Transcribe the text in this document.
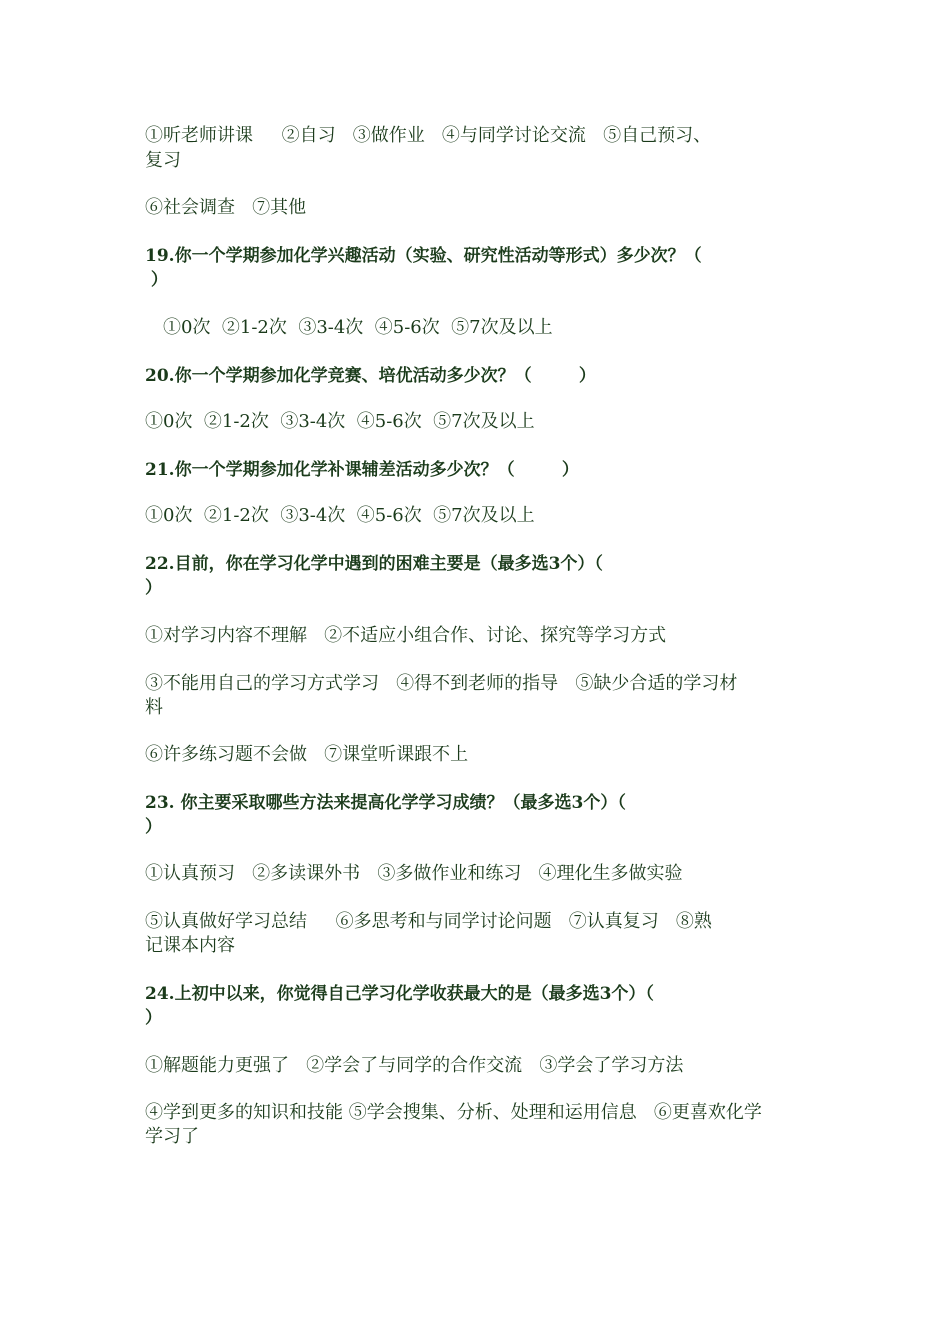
①听老师讲课     ②自习   ③做作业   ④与同学讨论交流   ⑤自己预习、
复习
⑥社会调查   ⑦其他
19.你一个学期参加化学兴趣活动（实验、研究性活动等形式）多少次？（
）
①0次  ②1-2次  ③3-4次  ④5-6次  ⑤7次及以上
20.你一个学期参加化学竞赛、培优活动多少次？（        ）
①0次  ②1-2次  ③3-4次  ④5-6次  ⑤7次及以上
21.你一个学期参加化学补课辅差活动多少次？（        ）
①0次  ②1-2次  ③3-4次  ④5-6次  ⑤7次及以上
22.目前，你在学习化学中遇到的困难主要是（最多选3个）（
）
①对学习内容不理解   ②不适应小组合作、讨论、探究等学习方式
③不能用自己的学习方式学习   ④得不到老师的指导   ⑤缺少合适的学习材
料
⑥许多练习题不会做   ⑦课堂听课跟不上
23. 你主要采取哪些方法来提高化学学习成绩？（最多选3个）（
）
①认真预习   ②多读课外书   ③多做作业和练习   ④理化生多做实验
⑤认真做好学习总结     ⑥多思考和与同学讨论问题   ⑦认真复习   ⑧熟
记课本内容
24.上初中以来，你觉得自己学习化学收获最大的是（最多选3个）（
）
①解题能力更强了   ②学会了与同学的合作交流   ③学会了学习方法
④学到更多的知识和技能 ⑤学会搜集、分析、处理和运用信息   ⑥更喜欢化学
学习了
